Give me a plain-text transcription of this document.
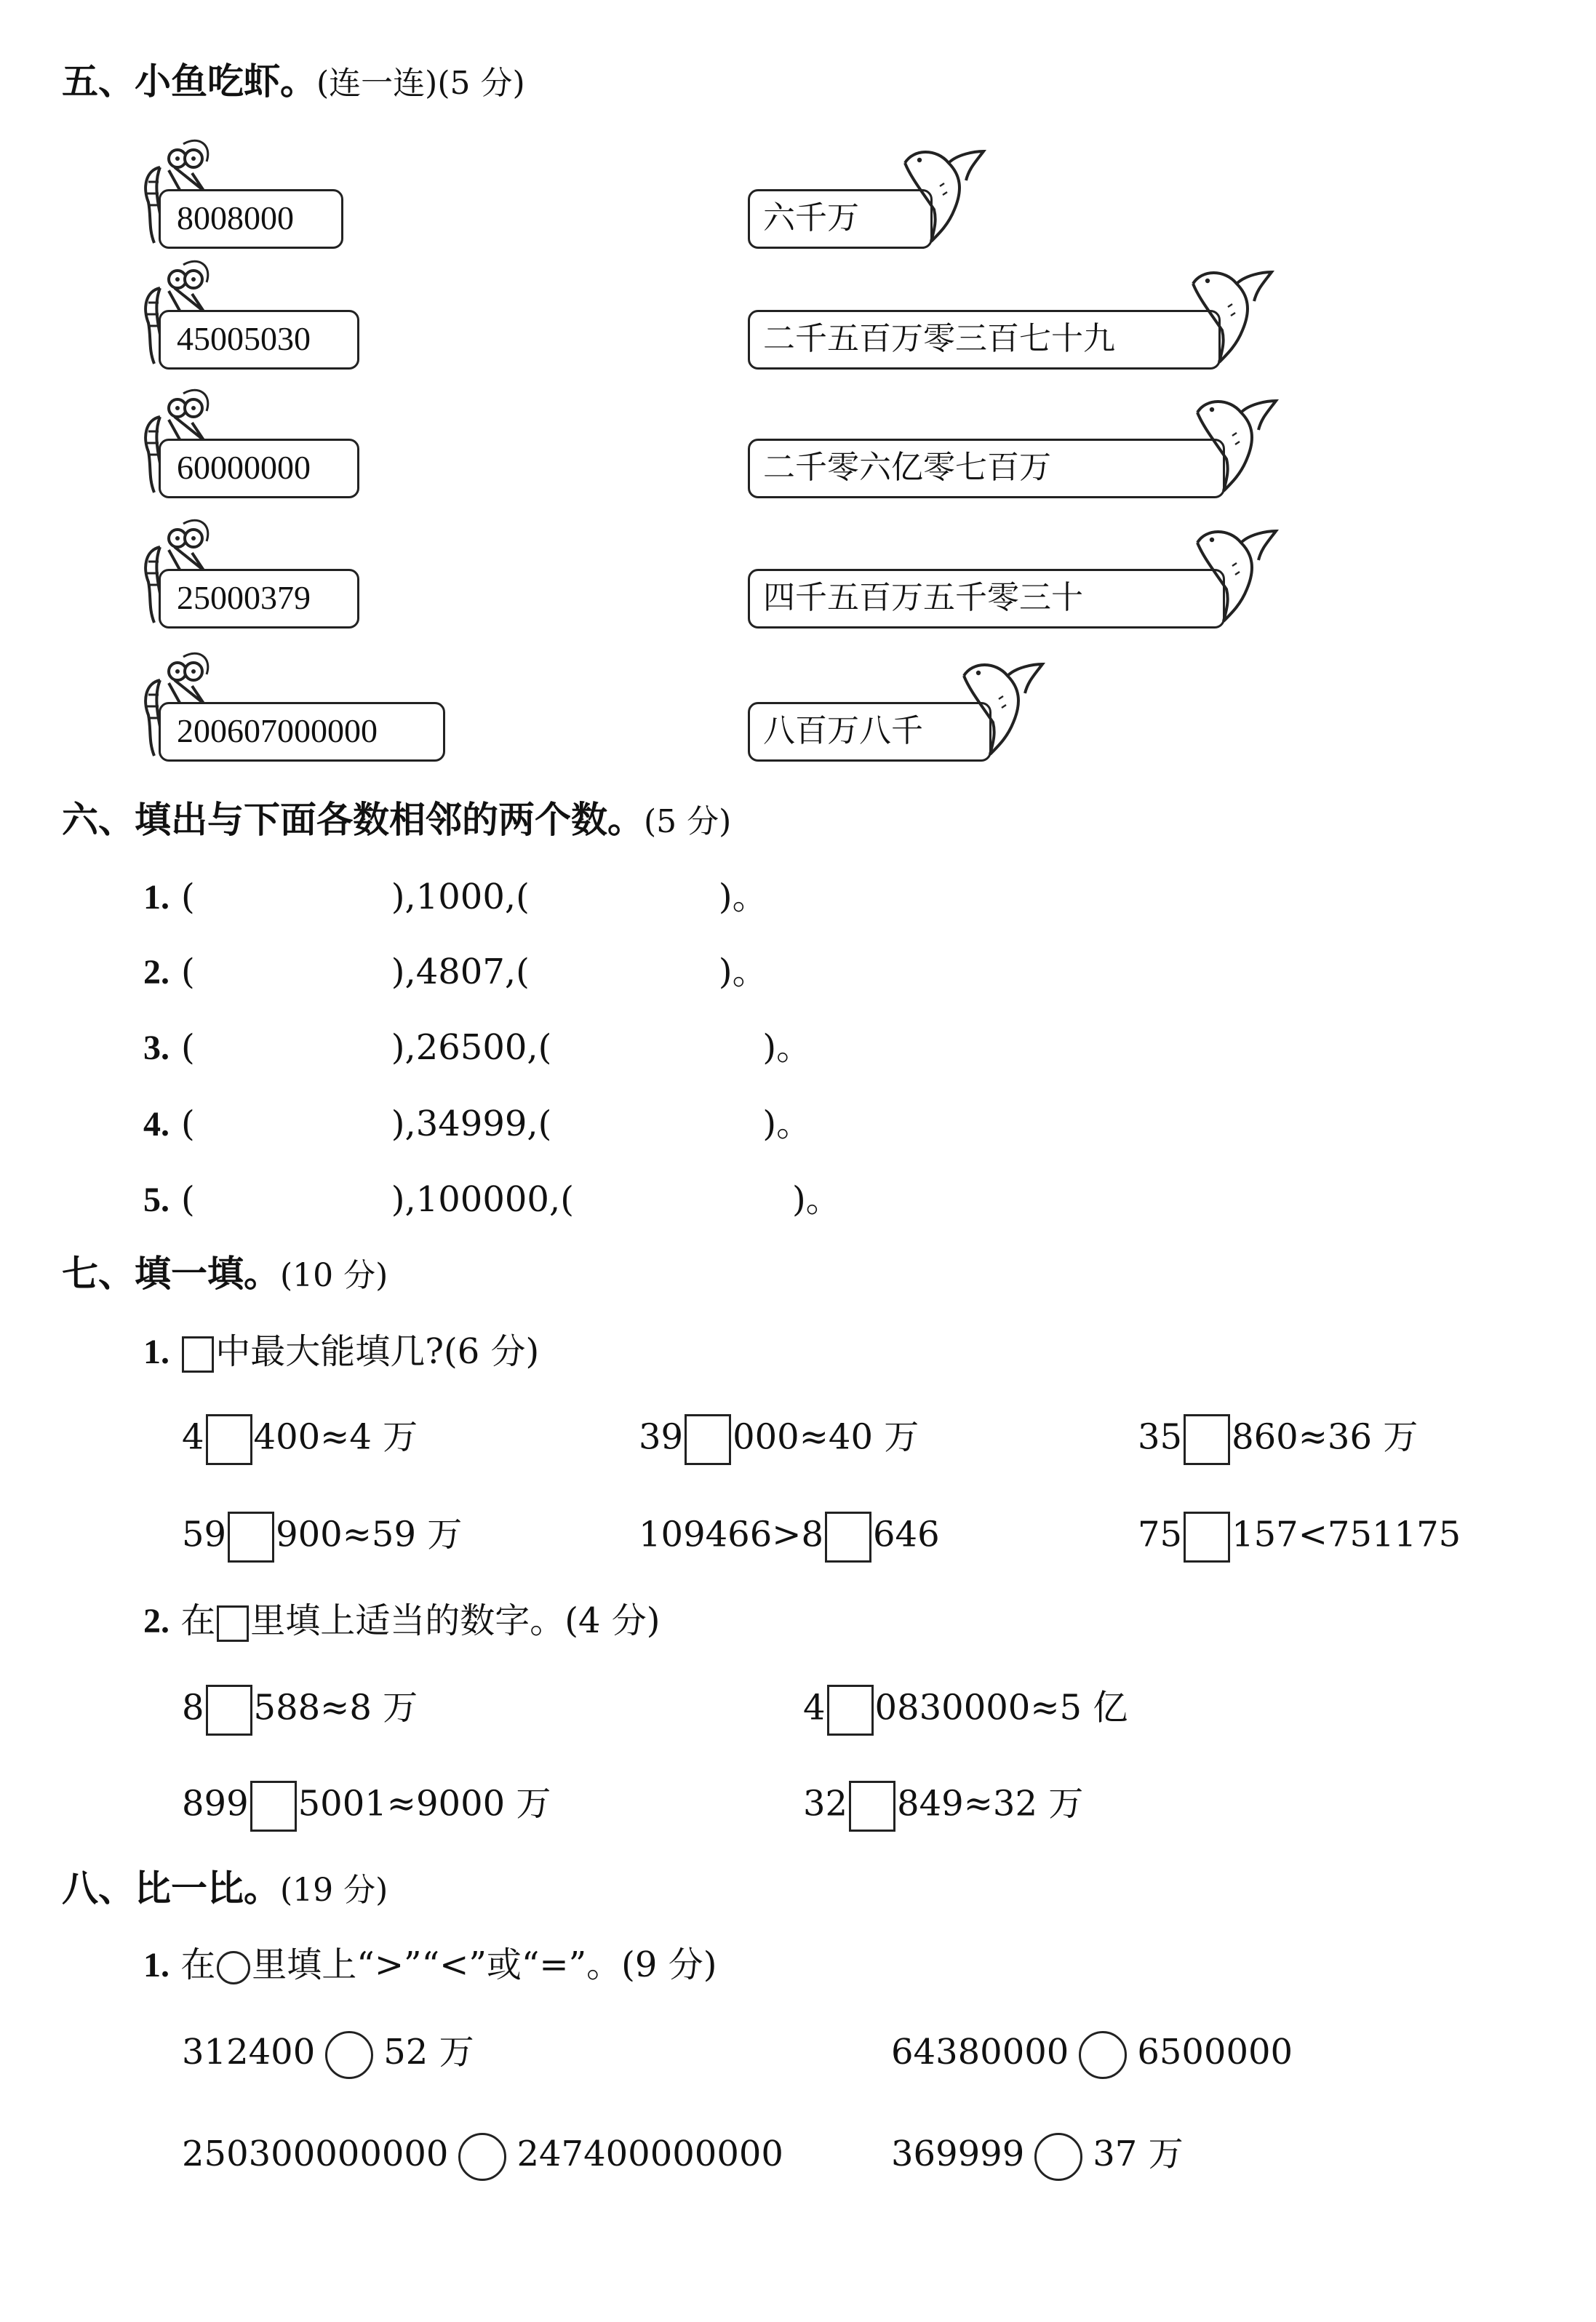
五、小鱼吃虾。(连一连)(5 分)
8008000	六千万
45005030	二千五百万零三百七十九
60000000	二千零六亿零七百万
25000379	四千五百万五千零三十
200607000000	八百万八千
六、填出与下面各数相邻的两个数。(5 分)
1. (	),1000,(	)。
2. (	),4807,(	)。
3. (	),26500,(	)。
4. (	),34999,(	)。
5. (	),100000,(	)。
七、填一填。(10 分)
1. 中最大能填几?(6 分)
4 400≈4 万	39 000≈40 万	35 860≈36 万
59 900≈59 万	109466>8 646	75 157<751175
2. 在 里填上适当的数字。(4 分)
8 588≈8 万	4 0830000≈5 亿
899 5001≈9000 万	32 849≈32 万
八、比一比。(19 分)
1. 在 里填上“>”“<”或“=”。(9 分)
312400 52 万	64380000 6500000
250300000000 247400000000	369999 37 万
